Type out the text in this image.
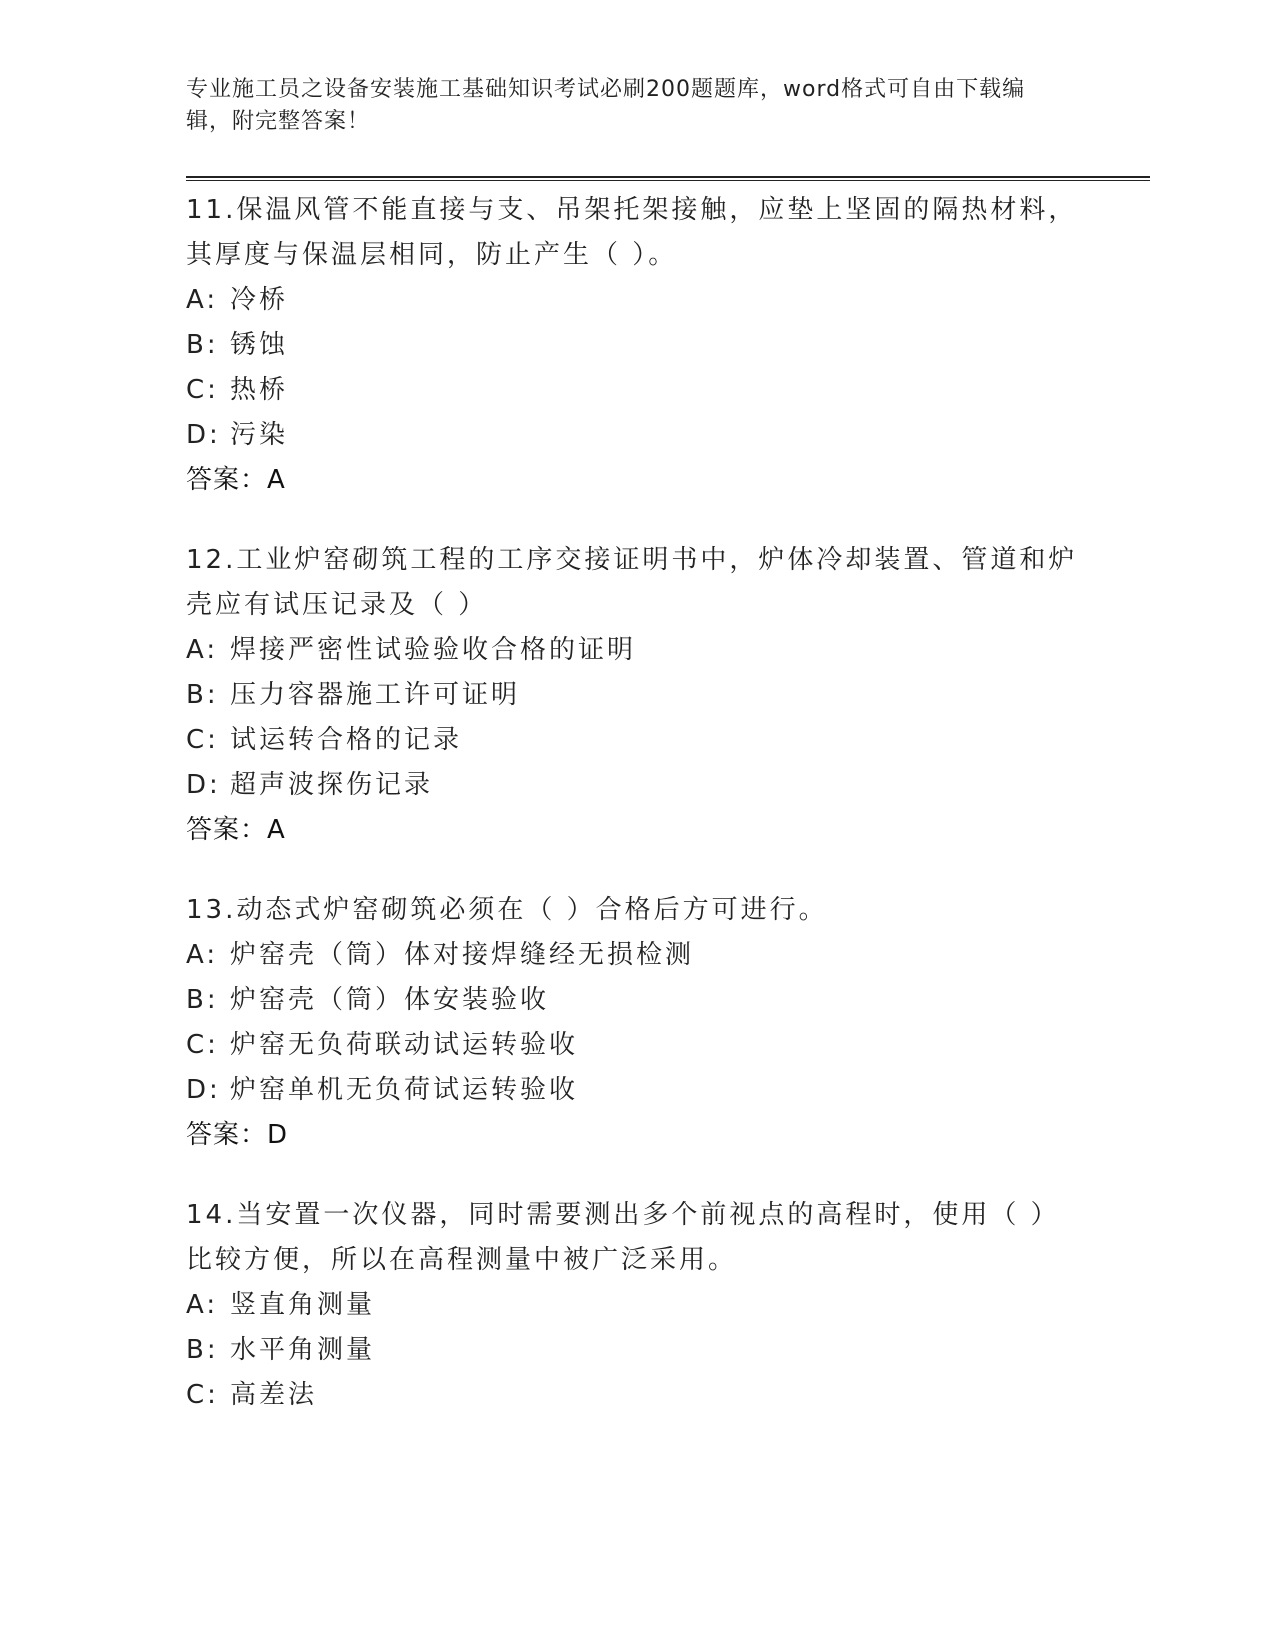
专业施工员之设备安装施工基础知识考试必刷200题题库，word格式可自由下载编辑，附完整答案！

11.保温风管不能直接与支、吊架托架接触，应垫上坚固的隔热材料，其厚度与保温层相同，防止产生（ ）。

A: 冷桥
B: 锈蚀
C: 热桥
D: 污染
答案：A

12.工业炉窑砌筑工程的工序交接证明书中，炉体冷却装置、管道和炉壳应有试压记录及（ ）

A: 焊接严密性试验验收合格的证明
B: 压力容器施工许可证明
C: 试运转合格的记录
D: 超声波探伤记录
答案：A

13.动态式炉窑砌筑必须在（ ）合格后方可进行。

A: 炉窑壳（筒）体对接焊缝经无损检测
B: 炉窑壳（筒）体安装验收
C: 炉窑无负荷联动试运转验收
D: 炉窑单机无负荷试运转验收
答案：D

14.当安置一次仪器，同时需要测出多个前视点的高程时，使用（ ）比较方便，所以在高程测量中被广泛采用。

A: 竖直角测量
B: 水平角测量
C: 高差法
